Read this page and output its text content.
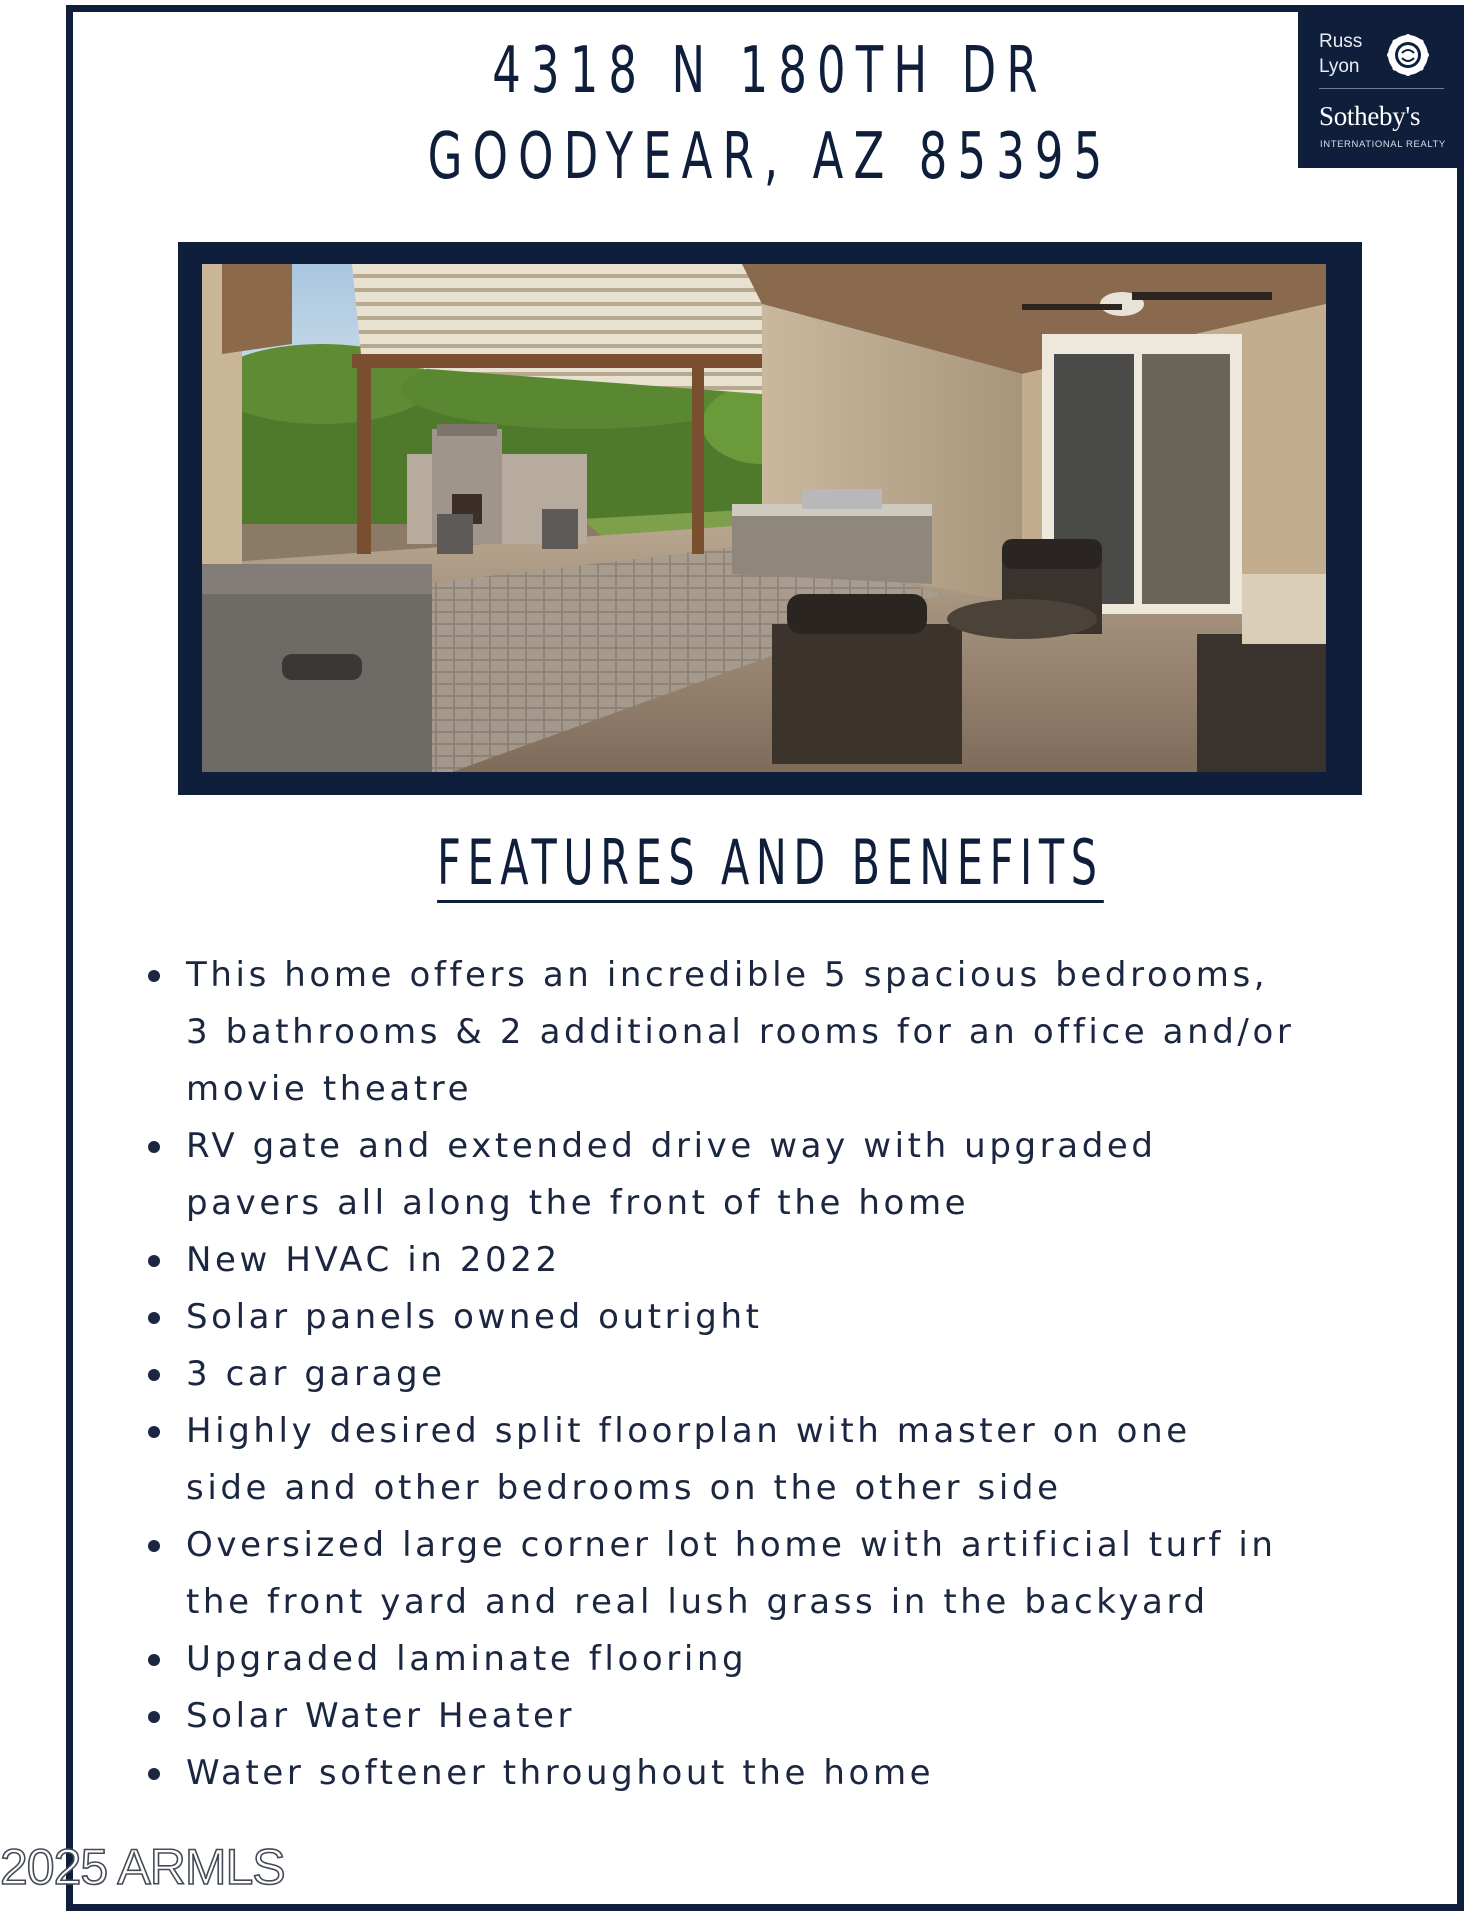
4318 N 180TH DR
GOODYEAR, AZ 85395
Russ
Lyon
Sotheby's
INTERNATIONAL REALTY
FEATURES AND BENEFITS
This home offers an incredible 5 spacious bedrooms,
3 bathrooms & 2 additional rooms for an office and/or
movie theatre
RV gate and extended drive way with upgraded
pavers all along the front of the home
New HVAC in 2022
Solar panels owned outright
3 car garage
Highly desired split floorplan with master on one
side and other bedrooms on the other side
Oversized large corner lot home with artificial turf in
the front yard and real lush grass in the backyard
Upgraded laminate flooring
Solar Water Heater
Water softener throughout the home
2025 ARMLS
